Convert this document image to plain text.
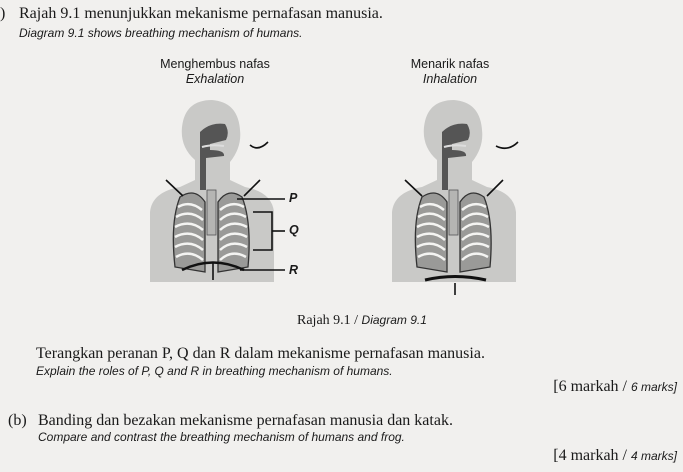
) Rajah 9.1 menunjukkan mekanisme pernafasan manusia.
Diagram 9.1 shows breathing mechanism of humans.
Menghembus nafas
Exhalation
Menarik nafas
Inhalation
P
Q
R
Rajah 9.1 / Diagram 9.1
Terangkan peranan P, Q dan R dalam mekanisme pernafasan manusia.
Explain the roles of P, Q and R in breathing mechanism of humans.
[6 markah / 6 marks]
(b) Banding dan bezakan mekanisme pernafasan manusia dan katak.
Compare and contrast the breathing mechanism of humans and frog.
[4 markah / 4 marks]
